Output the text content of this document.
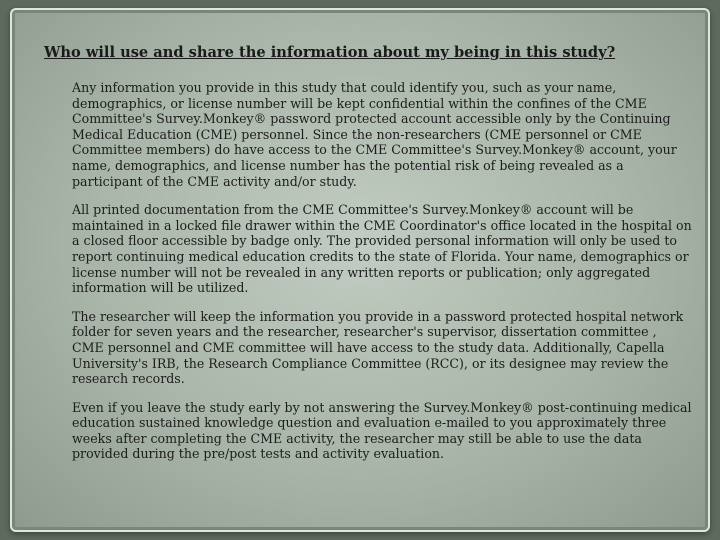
Who will use and share the information about my being in this study?

Any information you provide in this study that could identify you, such as your name, demographics, or license number will be kept confidential within the confines of the CME Committee's Survey.Monkey® password protected account accessible only by the Continuing Medical Education (CME) personnel. Since the non-researchers (CME personnel or CME Committee members) do have access to the CME Committee's Survey.Monkey® account, your name, demographics, and license number has the potential risk of being revealed as a participant of the CME activity and/or study.

All printed documentation from the CME Committee's Survey.Monkey® account will be maintained in a locked file drawer within the CME Coordinator's office located in the hospital on a closed floor accessible by badge only. The provided personal information will only be used to report continuing medical education credits to the state of Florida. Your name, demographics or license number will not be revealed in any written reports or publication; only aggregated information will be utilized.

The researcher will keep the information you provide in a password protected hospital network folder for seven years and the researcher, researcher's supervisor, dissertation committee , CME personnel and CME committee will have access to the study data. Additionally, Capella University's IRB, the Research Compliance Committee (RCC), or its designee may review the research records.

Even if you leave the study early by not answering the Survey.Monkey® post-continuing medical education sustained knowledge question and evaluation e-mailed to you approximately three weeks after completing the CME activity, the researcher may still be able to use the data provided during the pre/post tests and activity evaluation.
